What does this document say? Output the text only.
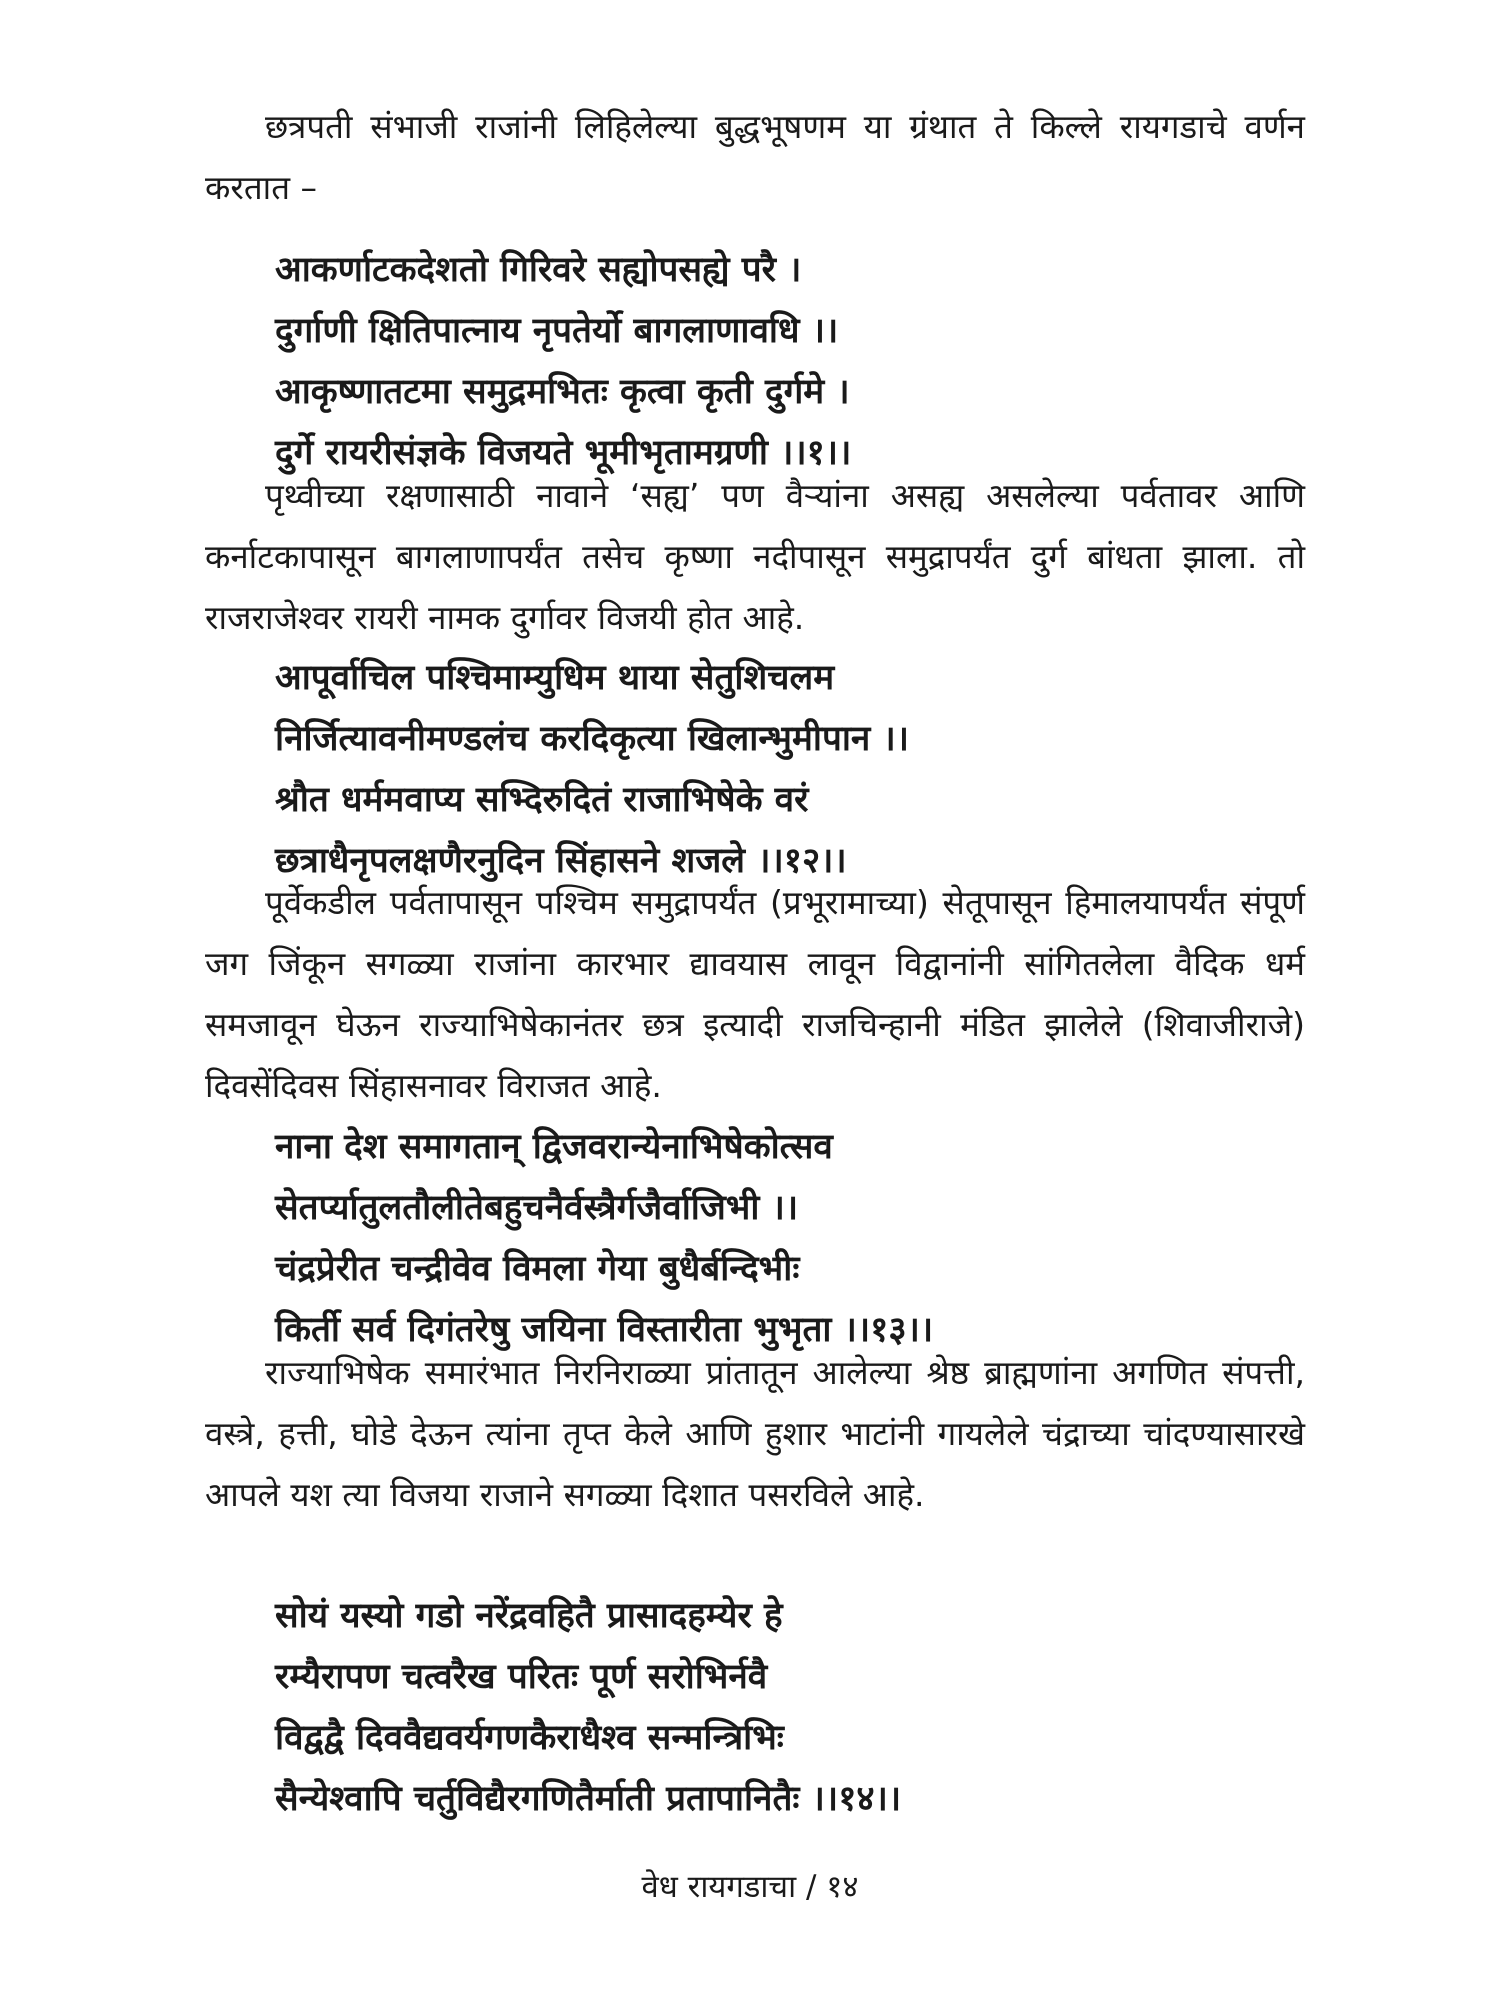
छत्रपती संभाजी राजांनी लिहिलेल्या बुद्धभूषणम या ग्रंथात ते किल्ले रायगडाचे वर्णन करतात –

आकर्णाटकदेशतो गिरिवरे सह्योपसह्ये परै ।
दुर्गाणी क्षितिपात्नाय नृपतेर्यो बागलाणावधि ।।
आकृष्णातटमा समुद्रमभितः कृत्वा कृती दुर्गमे ।
दुर्गे रायरीसंज्ञके विजयते भूमीभृतामग्रणी ।।१।।

पृथ्वीच्या रक्षणासाठी नावाने ‘सह्य’ पण वैऱ्यांना असह्य असलेल्या पर्वतावर आणि कर्नाटकापासून बागलाणापर्यंत तसेच कृष्णा नदीपासून समुद्रापर्यंत दुर्ग बांधता झाला. तो राजराजेश्वर रायरी नामक दुर्गावर विजयी होत आहे.

आपूर्वाचिल पश्चिमाम्युधिम थाया सेतुशिचलम
निर्जित्यावनीमण्डलंच करदिकृत्या खिलान्भुमीपान ।।
श्रौत धर्ममवाप्य सभ्दिरुदितं राजाभिषेके वरं
छत्राधैनृपलक्षणैरनुदिन सिंहासने शजले ।।१२।।

पूर्वेकडील पर्वतापासून पश्चिम समुद्रापर्यंत (प्रभूरामाच्या) सेतूपासून हिमालयापर्यंत संपूर्ण जग जिंकून सगळ्या राजांना कारभार द्यावयास लावून विद्वानांनी सांगितलेला वैदिक धर्म समजावून घेऊन राज्याभिषेकानंतर छत्र इत्यादी राजचिन्हानी मंडित झालेले (शिवाजीराजे) दिवसेंदिवस सिंहासनावर विराजत आहे.

नाना देश समागतान् द्विजवरान्येनाभिषेकोत्सव
सेतर्प्यातुलतौलीतेबहुचनैर्वस्त्रैर्गजैर्वाजिभी ।।
चंद्रप्रेरीत चन्द्रीवेव विमला गेया बुधैर्बन्दिभीः
किर्ती सर्व दिगंतरेषु जयिना विस्तारीता भुभृता ।।१३।।

राज्याभिषेक समारंभात निरनिराळ्या प्रांतातून आलेल्या श्रेष्ठ ब्राह्मणांना अगणित संपत्ती, वस्त्रे, हत्ती, घोडे देऊन त्यांना तृप्त केले आणि हुशार भाटांनी गायलेले चंद्राच्या चांदण्यासारखे आपले यश त्या विजया राजाने सगळ्या दिशात पसरविले आहे.

सोयं यस्यो गडो नरेंद्रवहितै प्रासादहम्येर हे
रम्यैरापण चत्वरैख परितः पूर्ण सरोभिर्नवै
विद्वद्वै दिववैद्यवर्यगणकैराधैश्व सन्मन्त्रिभिः
सैन्येश्वापि चर्तुविद्यैरगणितैर्माती प्रतापानितैः ।।१४।।
वेध रायगडाचा / १४
